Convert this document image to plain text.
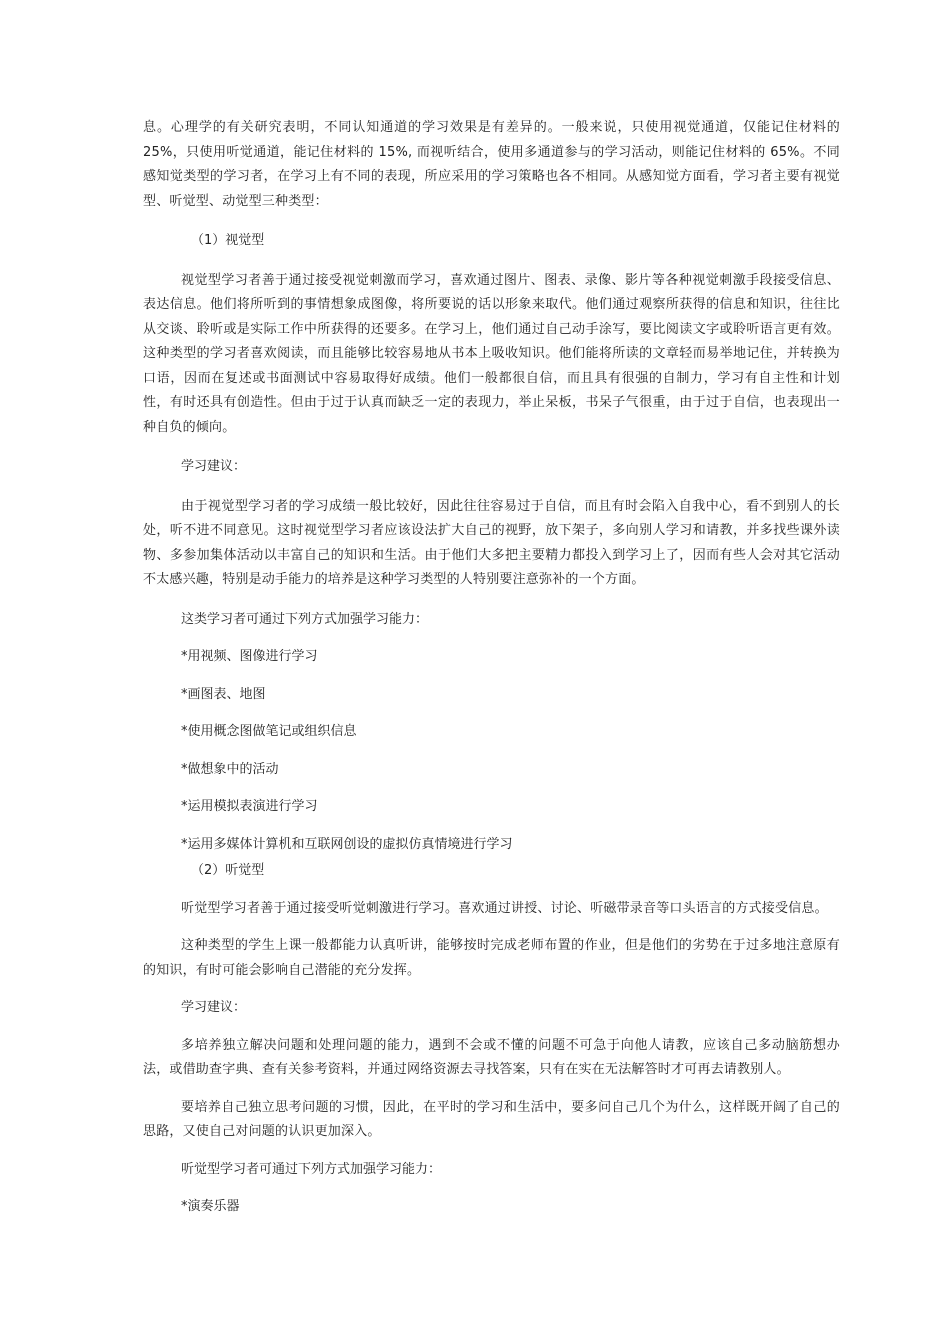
息。心理学的有关研究表明，不同认知通道的学习效果是有差异的。一般来说，只使用视觉通道，仅能记住材料的 25%，只使用听觉通道，能记住材料的 15%, 而视听结合，使用多通道参与的学习活动，则能记住材料的 65%。不同感知觉类型的学习者，在学习上有不同的表现，所应采用的学习策略也各不相同。从感知觉方面看，学习者主要有视觉型、听觉型、动觉型三种类型：

（1）视觉型

视觉型学习者善于通过接受视觉刺激而学习，喜欢通过图片、图表、录像、影片等各种视觉刺激手段接受信息、表达信息。他们将所听到的事情想象成图像，将所要说的话以形象来取代。他们通过观察所获得的信息和知识，往往比从交谈、聆听或是实际工作中所获得的还要多。在学习上，他们通过自己动手涂写，要比阅读文字或聆听语言更有效。这种类型的学习者喜欢阅读，而且能够比较容易地从书本上吸收知识。他们能将所读的文章轻而易举地记住，并转换为口语，因而在复述或书面测试中容易取得好成绩。他们一般都很自信，而且具有很强的自制力，学习有自主性和计划性，有时还具有创造性。但由于过于认真而缺乏一定的表现力，举止呆板，书呆子气很重，由于过于自信，也表现出一种自负的倾向。

学习建议：

由于视觉型学习者的学习成绩一般比较好，因此往往容易过于自信，而且有时会陷入自我中心，看不到别人的长处，听不进不同意见。这时视觉型学习者应该设法扩大自己的视野，放下架子，多向别人学习和请教，并多找些课外读物、多参加集体活动以丰富自己的知识和生活。由于他们大多把主要精力都投入到学习上了，因而有些人会对其它活动不太感兴趣，特别是动手能力的培养是这种学习类型的人特别要注意弥补的一个方面。

这类学习者可通过下列方式加强学习能力：

*用视频、图像进行学习

*画图表、地图

*使用概念图做笔记或组织信息

*做想象中的活动

*运用模拟表演进行学习

*运用多媒体计算机和互联网创设的虚拟仿真情境进行学习

（2）听觉型

听觉型学习者善于通过接受听觉刺激进行学习。喜欢通过讲授、讨论、听磁带录音等口头语言的方式接受信息。

这种类型的学生上课一般都能力认真听讲，能够按时完成老师布置的作业，但是他们的劣势在于过多地注意原有的知识，有时可能会影响自己潜能的充分发挥。

学习建议：

多培养独立解决问题和处理问题的能力，遇到不会或不懂的问题不可急于向他人请教，应该自己多动脑筋想办法，或借助查字典、查有关参考资料，并通过网络资源去寻找答案，只有在实在无法解答时才可再去请教别人。

要培养自己独立思考问题的习惯，因此，在平时的学习和生活中，要多问自己几个为什么，这样既开阔了自己的思路，又使自己对问题的认识更加深入。

听觉型学习者可通过下列方式加强学习能力：

*演奏乐器
